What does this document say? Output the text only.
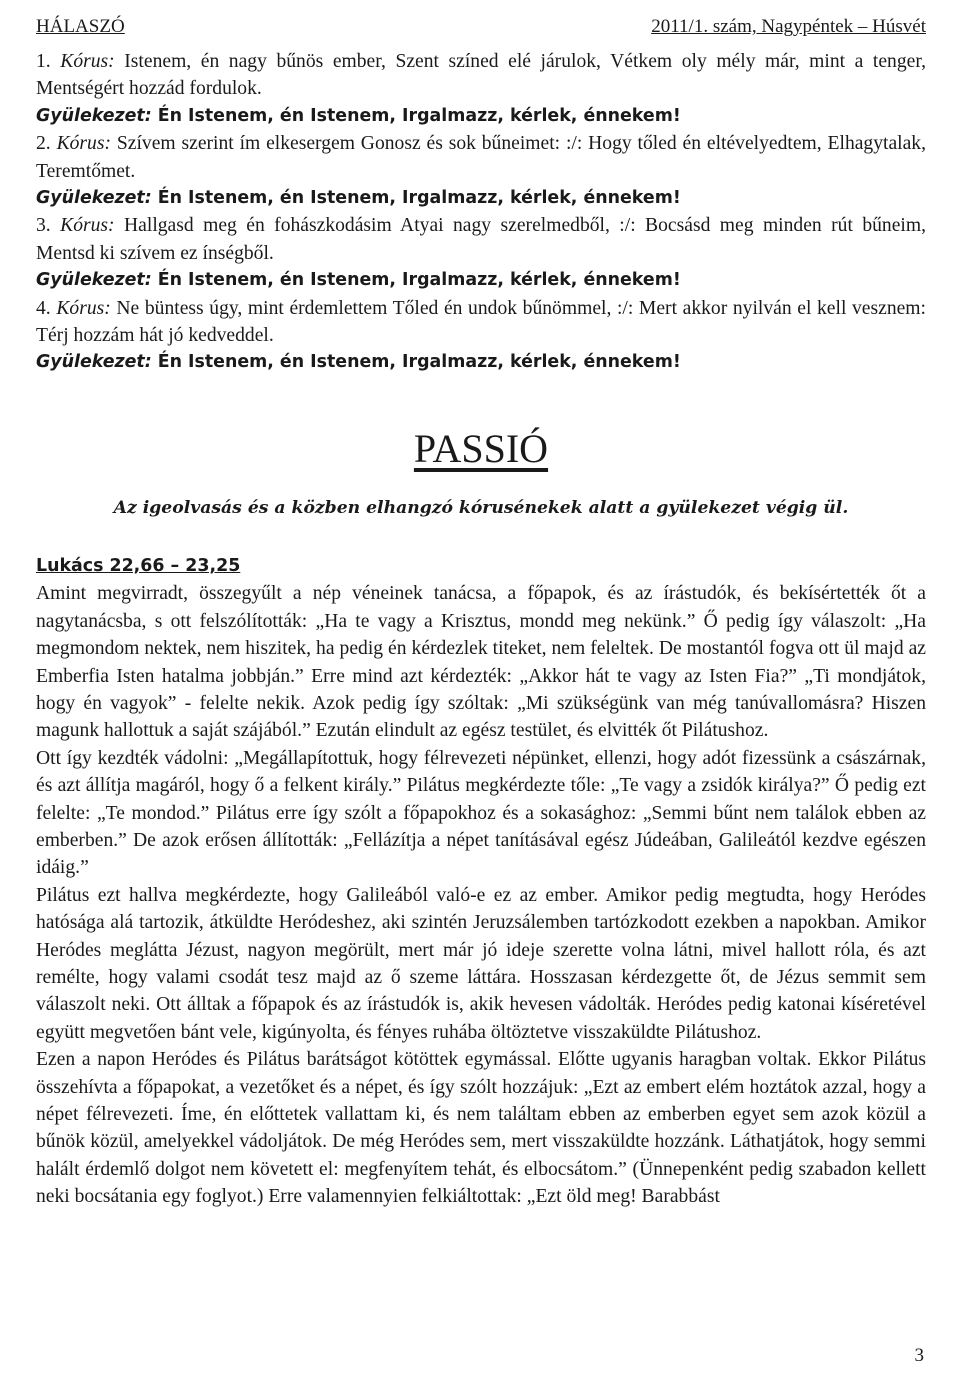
HÁLASZÓ	2011/1. szám, Nagypéntek – Húsvét
1. Kórus: Istenem, én nagy bűnös ember, Szent színed elé járulok, Vétkem oly mély már, mint a tenger, Mentségért hozzád fordulok.
Gyülekezet: Én Istenem, én Istenem, Irgalmazz, kérlek, énnekem!
2. Kórus: Szívem szerint ím elkesergem Gonosz és sok bűneimet: :/: Hogy tőled én eltévelyedtem, Elhagytalak, Teremtőmet.
Gyülekezet: Én Istenem, én Istenem, Irgalmazz, kérlek, énnekem!
3. Kórus: Hallgasd meg én fohászkodásim Atyai nagy szerelmedből, :/: Bocsásd meg minden rút bűneim, Mentsd ki szívem ez ínségből.
Gyülekezet: Én Istenem, én Istenem, Irgalmazz, kérlek, énnekem!
4. Kórus: Ne büntess úgy, mint érdemlettem Tőled én undok bűnömmel, :/: Mert akkor nyilván el kell vesznem: Térj hozzám hát jó kedveddel.
Gyülekezet: Én Istenem, én Istenem, Irgalmazz, kérlek, énnekem!
PASSIÓ
Az igeolvasás és a közben elhangzó kórusénekek alatt a gyülekezet végig ül.
Lukács 22,66 – 23,25

Amint megvirradt, összegyűlt a nép véneinek tanácsa, a főpapok, és az írástudók, és bekísértették őt a nagytanácsba, s ott felszólították: „Ha te vagy a Krisztus, mondd meg nekünk.” Ő pedig így válaszolt: „Ha megmondom nektek, nem hiszitek, ha pedig én kérdezlek titeket, nem feleltek. De mostantól fogva ott ül majd az Emberfia Isten hatalma jobbján.” Erre mind azt kérdezték: „Akkor hát te vagy az Isten Fia?” „Ti mondjátok, hogy én vagyok” - felelte nekik. Azok pedig így szóltak: „Mi szükségünk van még tanúvallomásra? Hiszen magunk hallottuk a saját szájából.” Ezután elindult az egész testület, és elvitték őt Pilátushoz.

Ott így kezdték vádolni: „Megállapítottuk, hogy félrevezeti népünket, ellenzi, hogy adót fizessünk a császárnak, és azt állítja magáról, hogy ő a felkent király.” Pilátus megkérdezte tőle: „Te vagy a zsidók királya?” Ő pedig ezt felelte: „Te mondod.” Pilátus erre így szólt a főpapokhoz és a sokasághoz: „Semmi bűnt nem találok ebben az emberben.” De azok erősen állították: „Fellázítja a népet tanításával egész Júdeában, Galileától kezdve egészen idáig.”

Pilátus ezt hallva megkérdezte, hogy Galileából való-e ez az ember. Amikor pedig megtudta, hogy Heródes hatósága alá tartozik, átküldte Heródeshez, aki szintén Jeruzsálemben tartózkodott ezekben a napokban. Amikor Heródes meglátta Jézust, nagyon megörült, mert már jó ideje szerette volna látni, mivel hallott róla, és azt remélte, hogy valami csodát tesz majd az ő szeme láttára. Hosszasan kérdezgette őt, de Jézus semmit sem válaszolt neki. Ott álltak a főpapok és az írástudók is, akik hevesen vádolták. Heródes pedig katonai kíséretével együtt megvetően bánt vele, kigúnyolta, és fényes ruhába öltöztetve visszaküldte Pilátushoz.

Ezen a napon Heródes és Pilátus barátságot kötöttek egymással. Előtte ugyanis haragban voltak. Ekkor Pilátus összehívta a főpapokat, a vezetőket és a népet, és így szólt hozzájuk: „Ezt az embert elém hoztátok azzal, hogy a népet félrevezeti. Íme, én előttetek vallattam ki, és nem találtam ebben az emberben egyet sem azok közül a bűnök közül, amelyekkel vádoljátok. De még Heródes sem, mert visszaküldte hozzánk. Láthatjátok, hogy semmi halált érdemlő dolgot nem követett el: megfenyítem tehát, és elbocsátom.” (Ünnepenként pedig szabadon kellett neki bocsátania egy foglyot.) Erre valamennyien felkiáltottak: „Ezt öld meg! Barabbást

3
